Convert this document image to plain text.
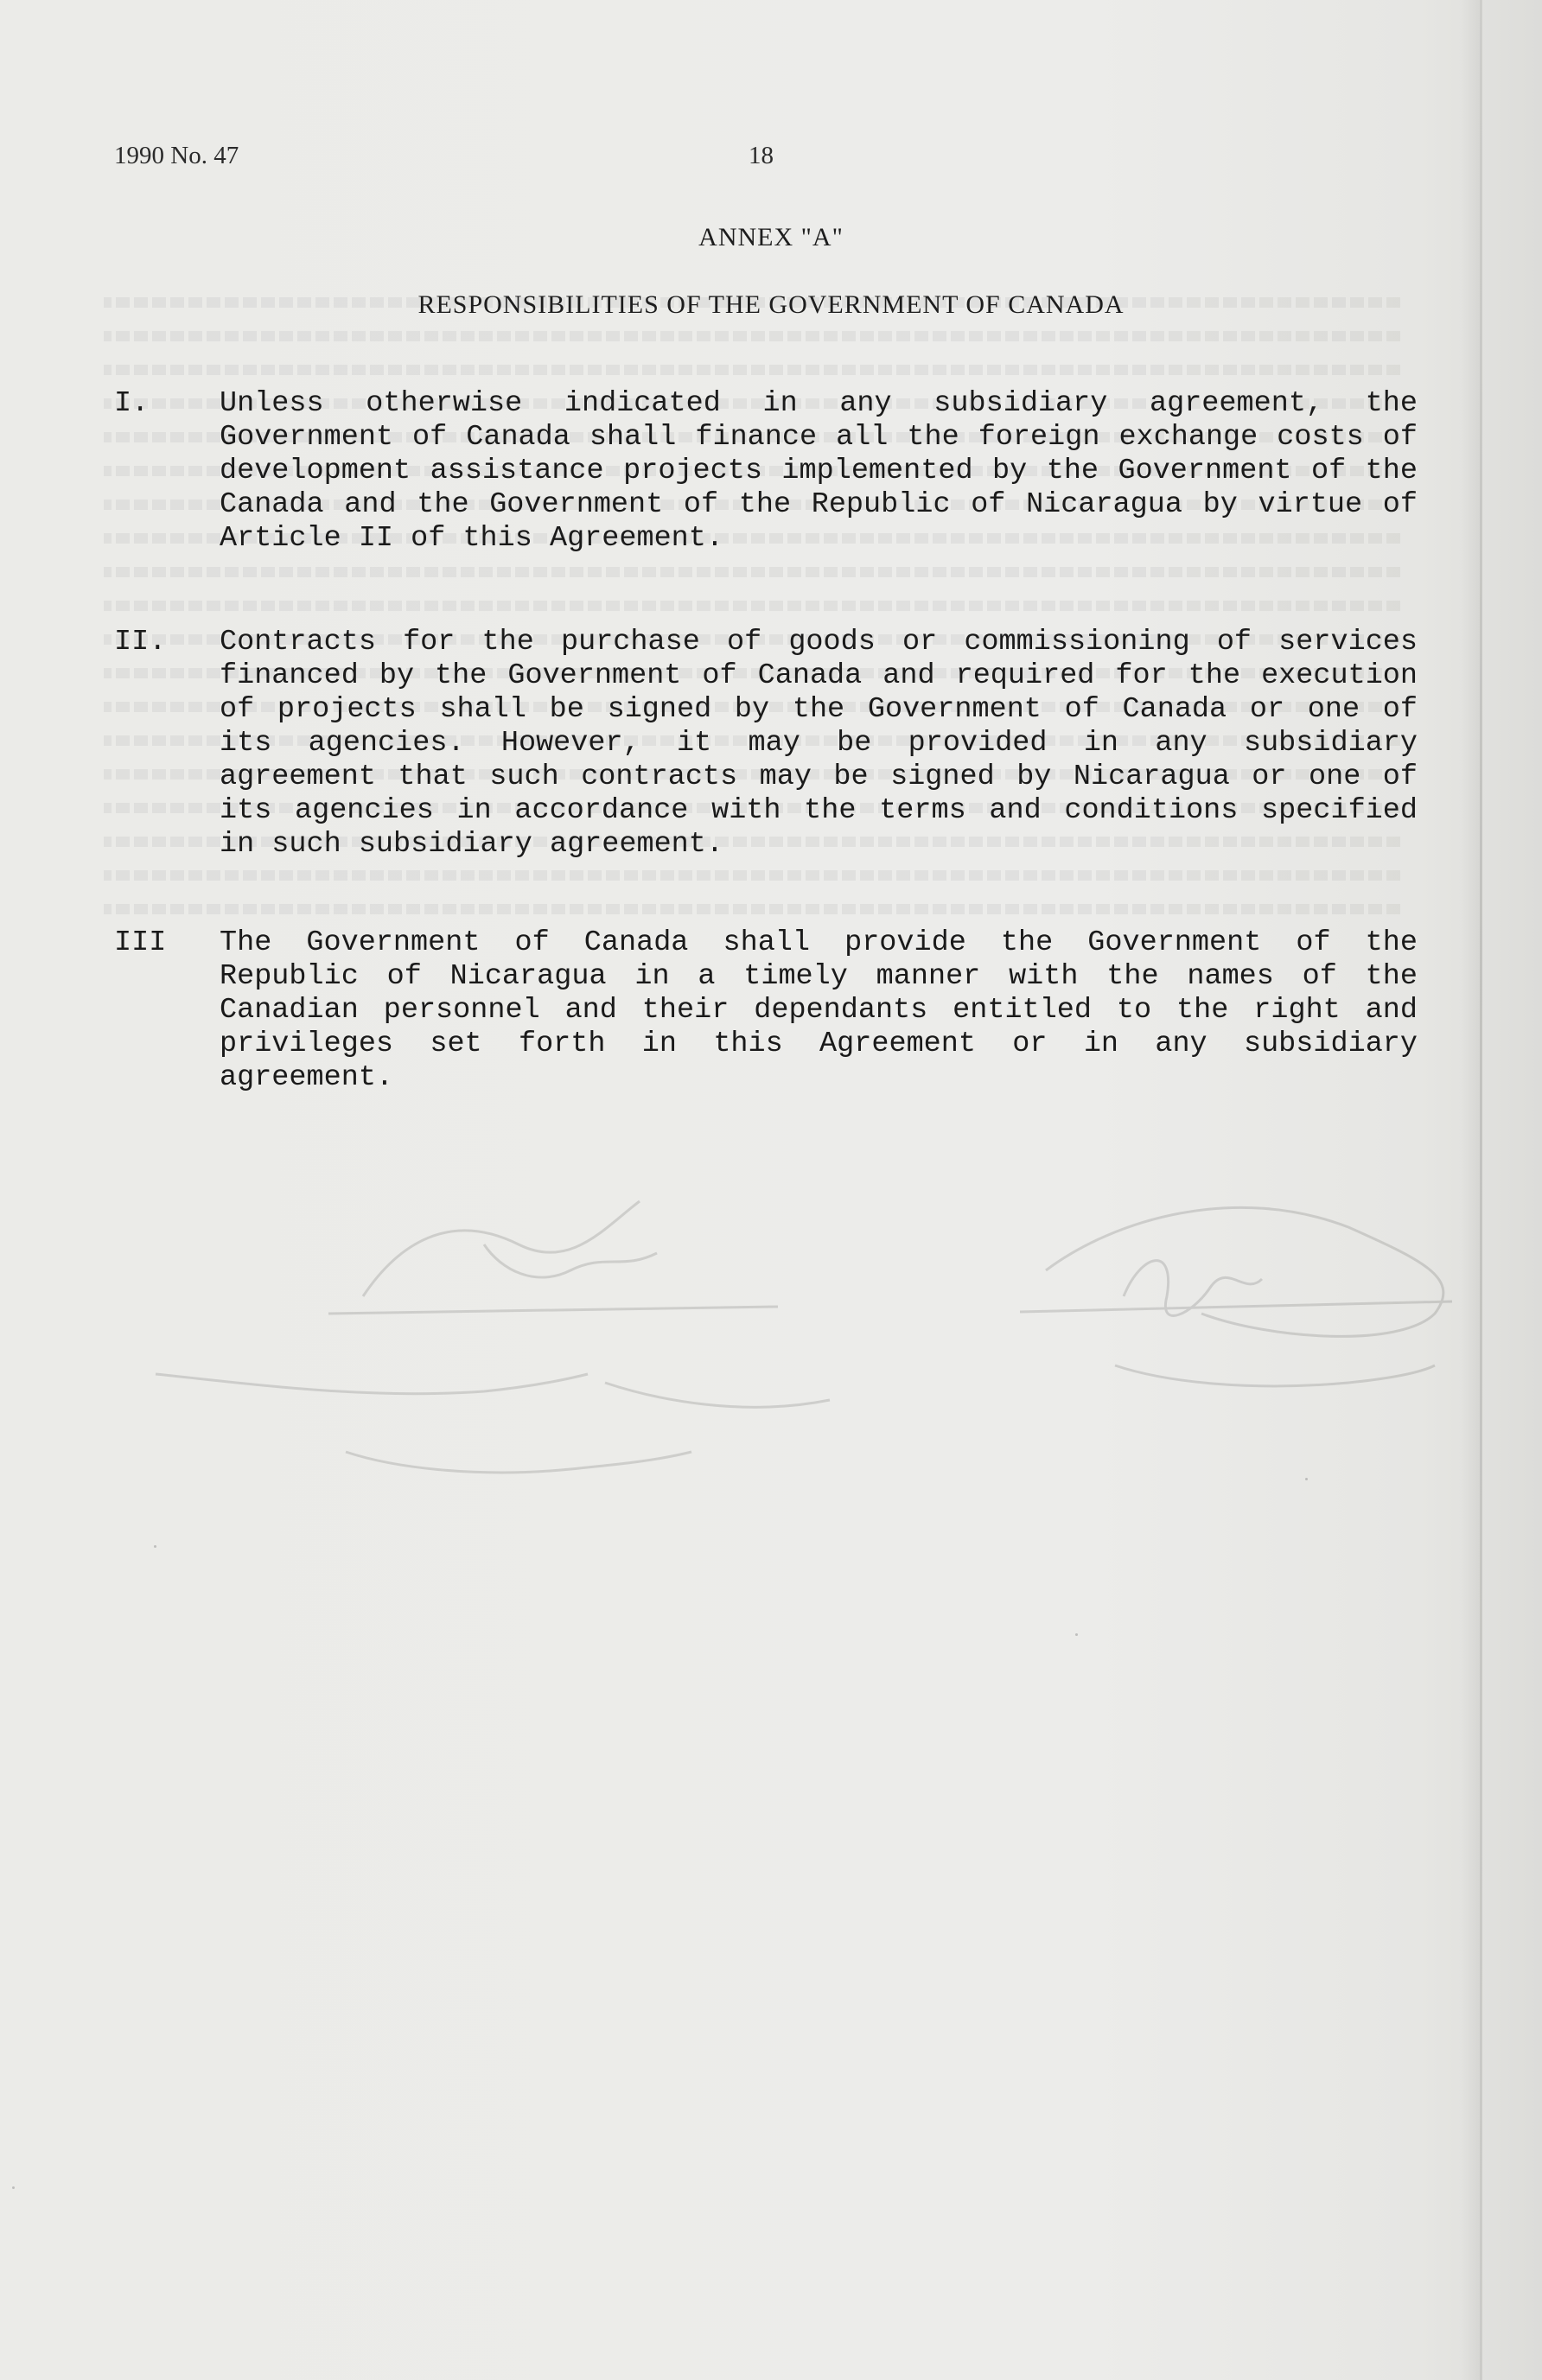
1990 No. 47	18
ANNEX "A"
RESPONSIBILITIES OF THE GOVERNMENT OF CANADA
I. Unless otherwise indicated in any subsidiary agreement, the Government of Canada shall finance all the foreign exchange costs of development assistance projects implemented by the Government of the Canada and the Government of the Republic of Nicaragua by virtue of Article II of this Agreement.
II. Contracts for the purchase of goods or commissioning of services financed by the Government of Canada and required for the execution of projects shall be signed by the Government of Canada or one of its agencies. However, it may be provided in any subsidiary agreement that such contracts may be signed by Nicaragua or one of its agencies in accordance with the terms and conditions specified in such subsidiary agreement.
III The Government of Canada shall provide the Government of the Republic of Nicaragua in a timely manner with the names of the Canadian personnel and their dependants entitled to the right and privileges set forth in this Agreement or in any subsidiary agreement.
